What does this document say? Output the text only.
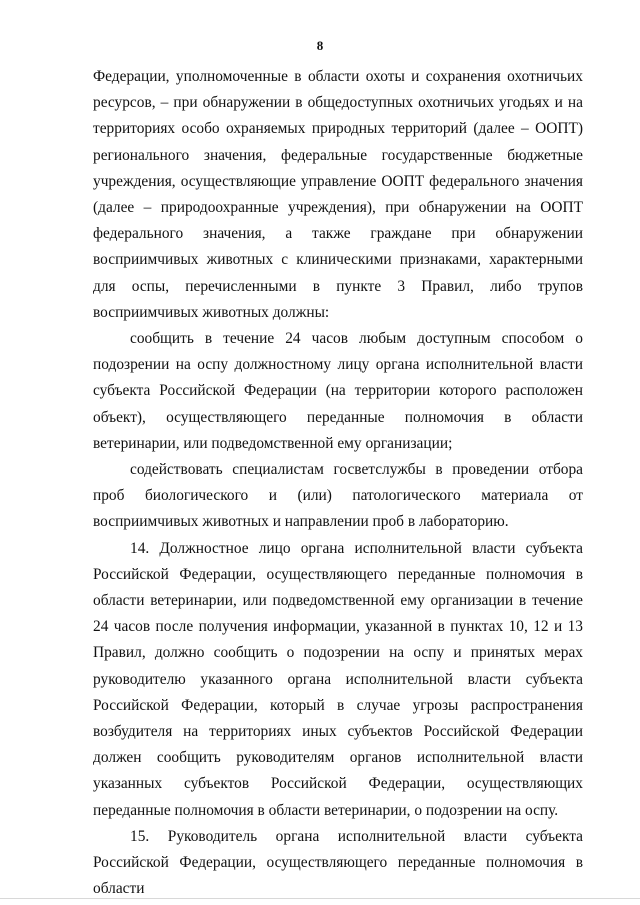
8

Федерации, уполномоченные в области охоты и сохранения охотничьих ресурсов, – при обнаружении в общедоступных охотничьих угодьях и на территориях особо охраняемых природных территорий (далее – ООПТ) регионального значения, федеральные государственные бюджетные учреждения, осуществляющие управление ООПТ федерального значения (далее – природоохранные учреждения), при обнаружении на ООПТ федерального значения, а также граждане при обнаружении восприимчивых животных с клиническими признаками, характерными для оспы, перечисленными в пункте 3 Правил, либо трупов восприимчивых животных должны:

сообщить в течение 24 часов любым доступным способом о подозрении на оспу должностному лицу органа исполнительной власти субъекта Российской Федерации (на территории которого расположен объект), осуществляющего переданные полномочия в области ветеринарии, или подведомственной ему организации;

содействовать специалистам госветслужбы в проведении отбора проб биологического и (или) патологического материала от восприимчивых животных и направлении проб в лабораторию.

14. Должностное лицо органа исполнительной власти субъекта Российской Федерации, осуществляющего переданные полномочия в области ветеринарии, или подведомственной ему организации в течение 24 часов после получения информации, указанной в пунктах 10, 12 и 13 Правил, должно сообщить о подозрении на оспу и принятых мерах руководителю указанного органа исполнительной власти субъекта Российской Федерации, который в случае угрозы распространения возбудителя на территориях иных субъектов Российской Федерации должен сообщить руководителям органов исполнительной власти указанных субъектов Российской Федерации, осуществляющих переданные полномочия в области ветеринарии, о подозрении на оспу.

15. Руководитель органа исполнительной власти субъекта Российской Федерации, осуществляющего переданные полномочия в области
